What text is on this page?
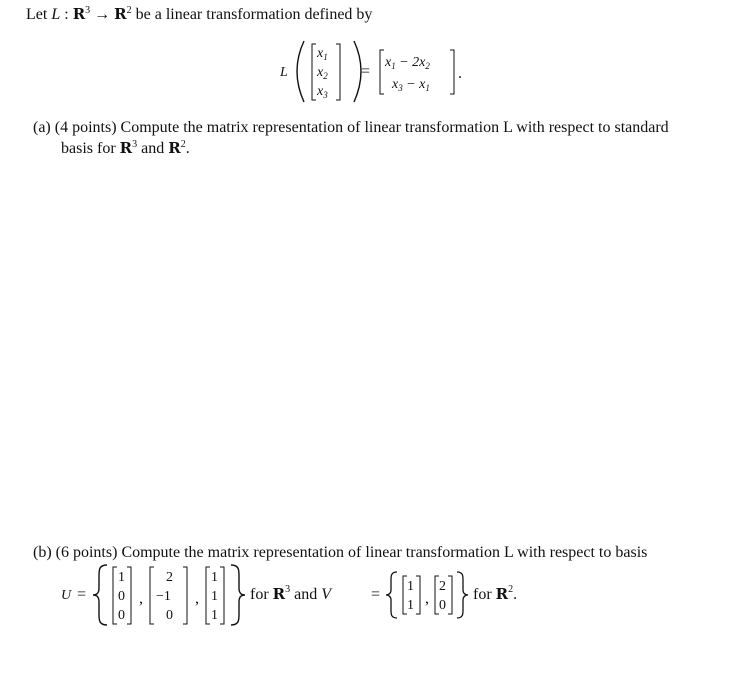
Let L : $R^3 \to R^2$ be a linear transformation defined by
L
$x_1$
$x_2$
$x_3$
=
$x_1 - 2x_2$
$x_3 - x_1$
.
(a) (4 points) Compute the matrix representation of linear transformation L with respect to standard
basis for $R^3$ and $R^2$.
(b) (6 points) Compute the matrix representation of linear transformation L with respect to basis
U =
1
0
0
,
2
−1
0
,
1
1
1
for $R^3$ and V = 1
1 ,
2
0
for $R^2$.
